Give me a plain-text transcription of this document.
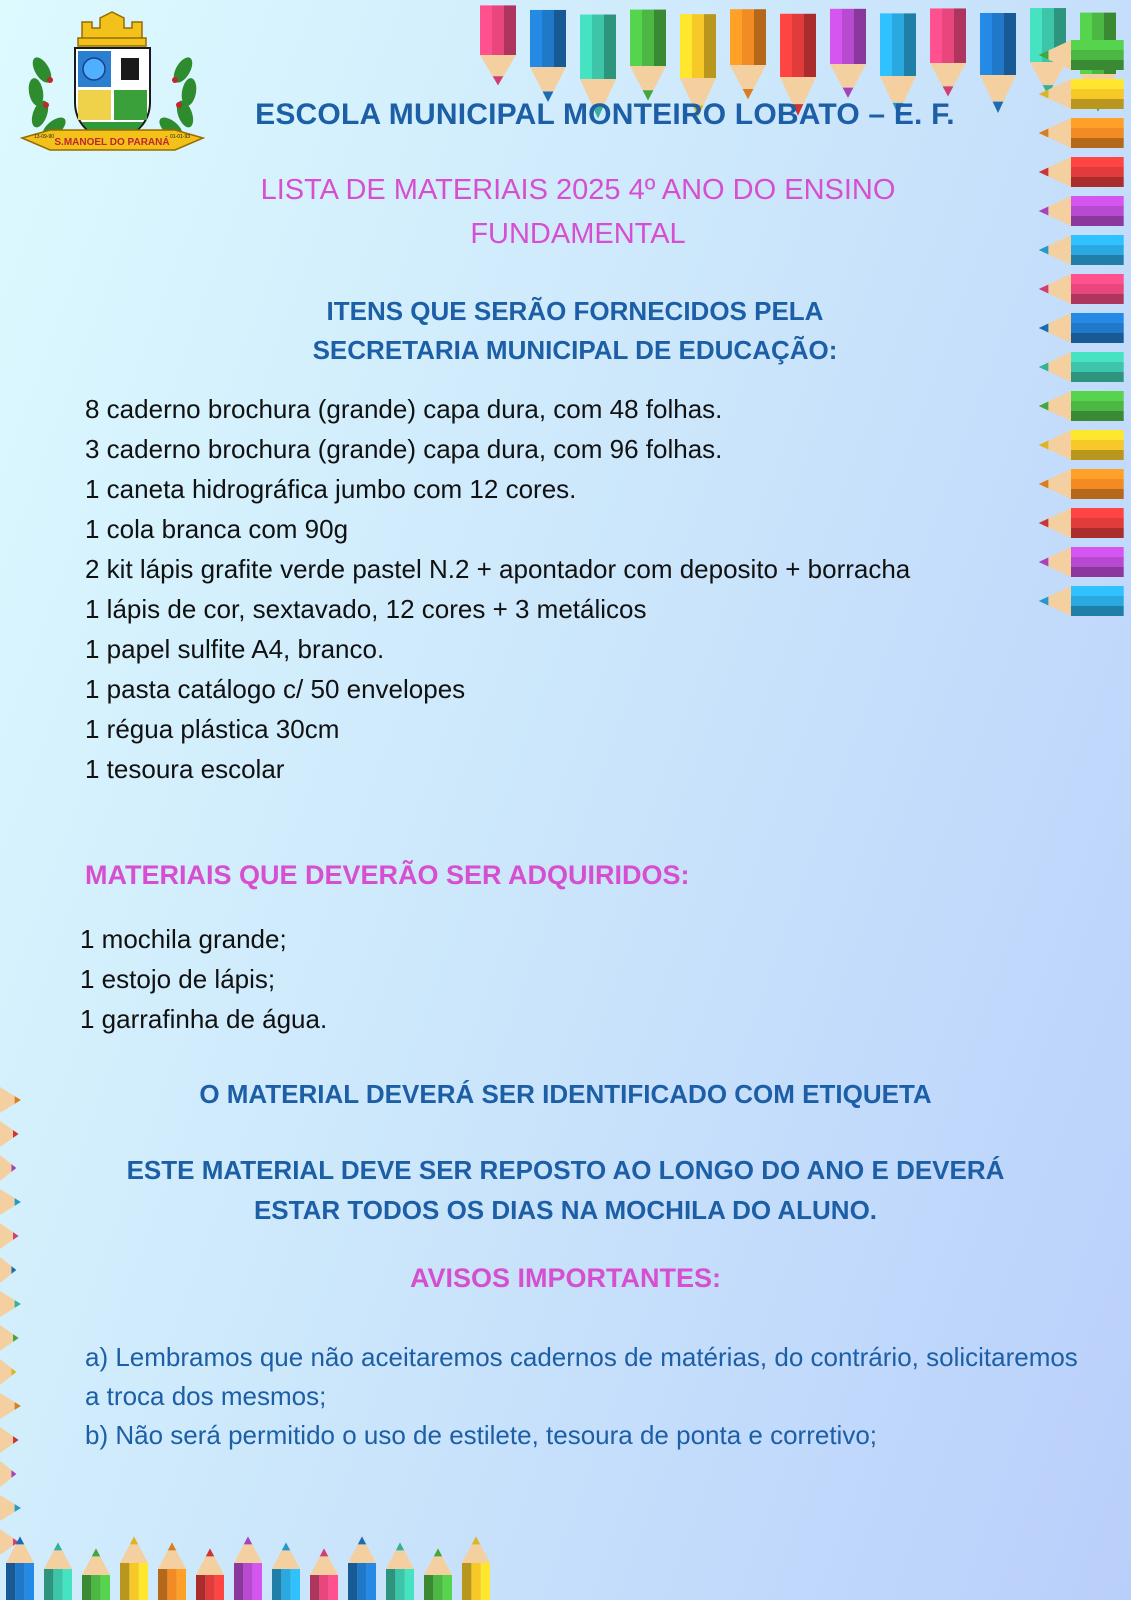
S.MANOEL DO PARANÁ
13-09-90	01-01-93
ESCOLA MUNICIPAL MONTEIRO LOBATO – E. F.
LISTA DE MATERIAIS 2025 4º ANO DO ENSINO
FUNDAMENTAL
ITENS QUE SERÃO FORNECIDOS PELA
SECRETARIA MUNICIPAL DE EDUCAÇÃO:
8 caderno brochura (grande) capa dura, com 48 folhas.
3 caderno brochura (grande) capa dura, com 96 folhas.
1 caneta hidrográfica jumbo com 12 cores.
1 cola branca com 90g
2 kit lápis grafite verde pastel N.2 + apontador com deposito + borracha
1 lápis de cor, sextavado, 12 cores + 3 metálicos
1 papel sulfite A4, branco.
1 pasta catálogo c/ 50 envelopes
1 régua plástica 30cm
1 tesoura escolar
MATERIAIS QUE DEVERÃO SER ADQUIRIDOS:
1 mochila grande;
1 estojo de lápis;
1 garrafinha de água.
O MATERIAL DEVERÁ SER IDENTIFICADO COM ETIQUETA
ESTE MATERIAL DEVE SER REPOSTO AO LONGO DO ANO E DEVERÁ
ESTAR TODOS OS DIAS NA MOCHILA DO ALUNO.
AVISOS IMPORTANTES:
a) Lembramos que não aceitaremos cadernos de matérias, do contrário, solicitaremos a troca dos mesmos;
b) Não será permitido o uso de estilete, tesoura de ponta e corretivo;
